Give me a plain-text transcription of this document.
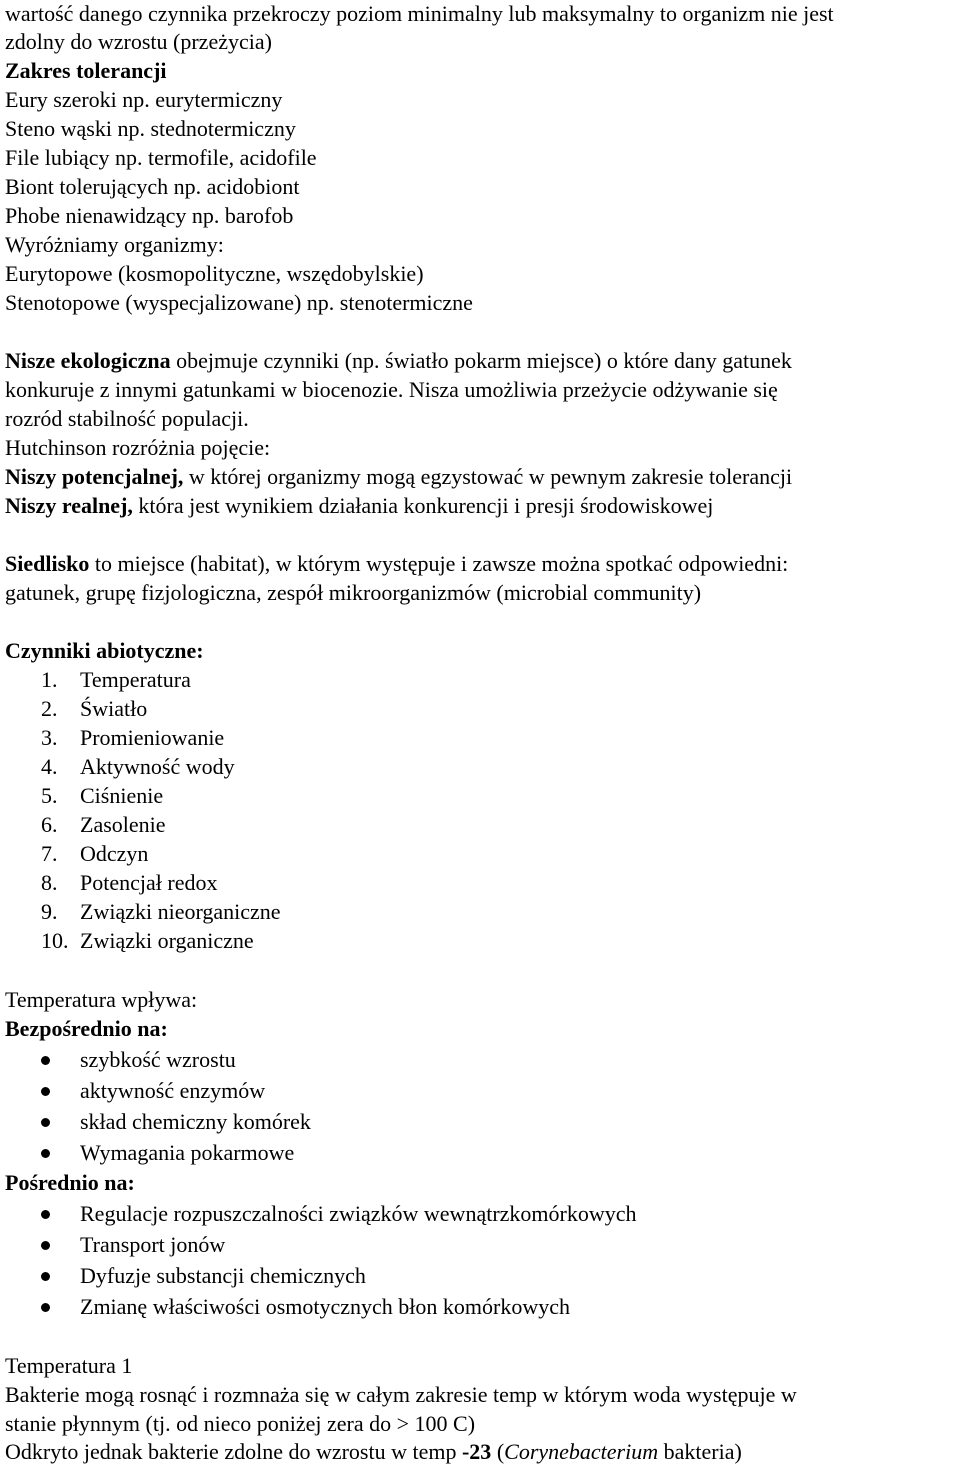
wartość danego czynnika przekroczy poziom minimalny lub maksymalny to organizm nie jest
zdolny do wzrostu (przeżycia)
Zakres tolerancji
Eury szeroki np. eurytermiczny
Steno wąski np. stednotermiczny
File lubiący np. termofile, acidofile
Biont tolerujących np. acidobiont
Phobe nienawidzący np. barofob
Wyróżniamy organizmy:
Eurytopowe (kosmopolityczne, wszędobylskie)
Stenotopowe (wyspecjalizowane) np. stenotermiczne
Nisze ekologiczna obejmuje czynniki (np. światło pokarm miejsce) o które dany gatunek
konkuruje z innymi gatunkami w biocenozie. Nisza umożliwia przeżycie odżywanie się
rozród stabilność populacji.
Hutchinson rozróżnia pojęcie:
Niszy potencjalnej, w której organizmy mogą egzystować w pewnym zakresie tolerancji
Niszy realnej, która jest wynikiem działania konkurencji i presji środowiskowej
Siedlisko to miejsce (habitat), w którym występuje i zawsze można spotkać odpowiedni:
gatunek, grupę fizjologiczna, zespół mikroorganizmów (microbial community)
Czynniki abiotyczne:
1. Temperatura
2. Światło
3. Promieniowanie
4. Aktywność wody
5. Ciśnienie
6. Zasolenie
7. Odczyn
8. Potencjał redox
9. Związki nieorganiczne
10. Związki organiczne
Temperatura wpływa:
Bezpośrednio na:
szybkość wzrostu
aktywność enzymów
skład chemiczny komórek
Wymagania pokarmowe
Pośrednio na:
Regulacje rozpuszczalności związków wewnątrzkomórkowych
Transport jonów
Dyfuzje substancji chemicznych
Zmianę właściwości osmotycznych błon komórkowych
Temperatura 1
Bakterie mogą rosnąć i rozmnaża się w całym zakresie temp w którym woda występuje w
stanie płynnym (tj. od nieco poniżej zera do > 100 C)
Odkryto jednak bakterie zdolne do wzrostu w temp -23 (Corynebacterium bakteria)
